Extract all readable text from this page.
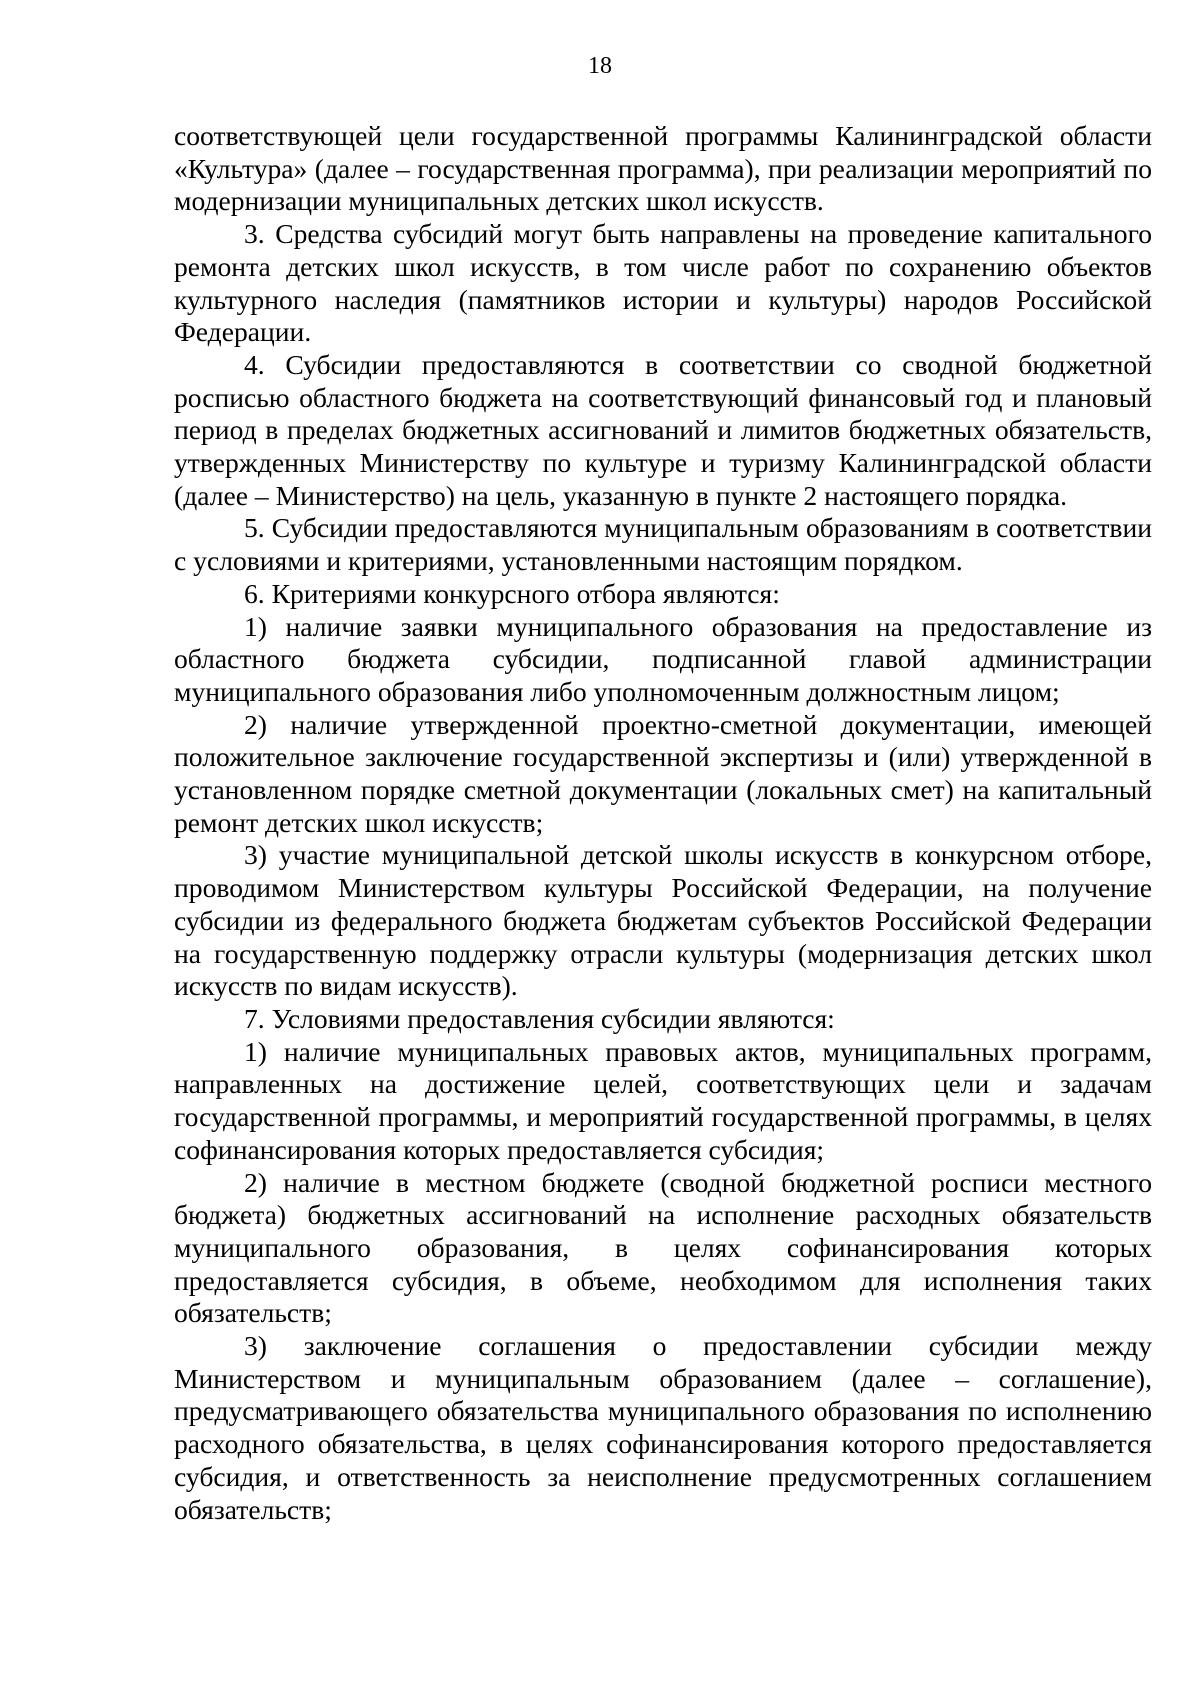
18

соответствующей цели государственной программы Калининградской области «Культура» (далее – государственная программа), при реализации мероприятий по модернизации муниципальных детских школ искусств.

3. Средства субсидий могут быть направлены на проведение капитального ремонта детских школ искусств, в том числе работ по сохранению объектов культурного наследия (памятников истории и культуры) народов Российской Федерации.

4. Субсидии предоставляются в соответствии со сводной бюджетной росписью областного бюджета на соответствующий финансовый год и плановый период в пределах бюджетных ассигнований и лимитов бюджетных обязательств, утвержденных Министерству по культуре и туризму Калининградской области (далее – Министерство) на цель, указанную в пункте 2 настоящего порядка.

5. Субсидии предоставляются муниципальным образованиям в соответствии с условиями и критериями, установленными настоящим порядком.

6. Критериями конкурсного отбора являются:

1) наличие заявки муниципального образования на предоставление из областного бюджета субсидии, подписанной главой администрации муниципального образования либо уполномоченным должностным лицом;

2) наличие утвержденной проектно-сметной документации, имеющей положительное заключение государственной экспертизы и (или) утвержденной в установленном порядке сметной документации (локальных смет) на капитальный ремонт детских школ искусств;

3) участие муниципальной детской школы искусств в конкурсном отборе, проводимом Министерством культуры Российской Федерации, на получение субсидии из федерального бюджета бюджетам субъектов Российской Федерации на государственную поддержку отрасли культуры (модернизация детских школ искусств по видам искусств).

7. Условиями предоставления субсидии являются:

1) наличие муниципальных правовых актов, муниципальных программ, направленных на достижение целей, соответствующих цели и задачам государственной программы, и мероприятий государственной программы, в целях софинансирования которых предоставляется субсидия;

2) наличие в местном бюджете (сводной бюджетной росписи местного бюджета) бюджетных ассигнований на исполнение расходных обязательств муниципального образования, в целях софинансирования которых предоставляется субсидия, в объеме, необходимом для исполнения таких обязательств;

3) заключение соглашения о предоставлении субсидии между Министерством и муниципальным образованием (далее – соглашение), предусматривающего обязательства муниципального образования по исполнению расходного обязательства, в целях софинансирования которого предоставляется субсидия, и ответственность за неисполнение предусмотренных соглашением обязательств;
